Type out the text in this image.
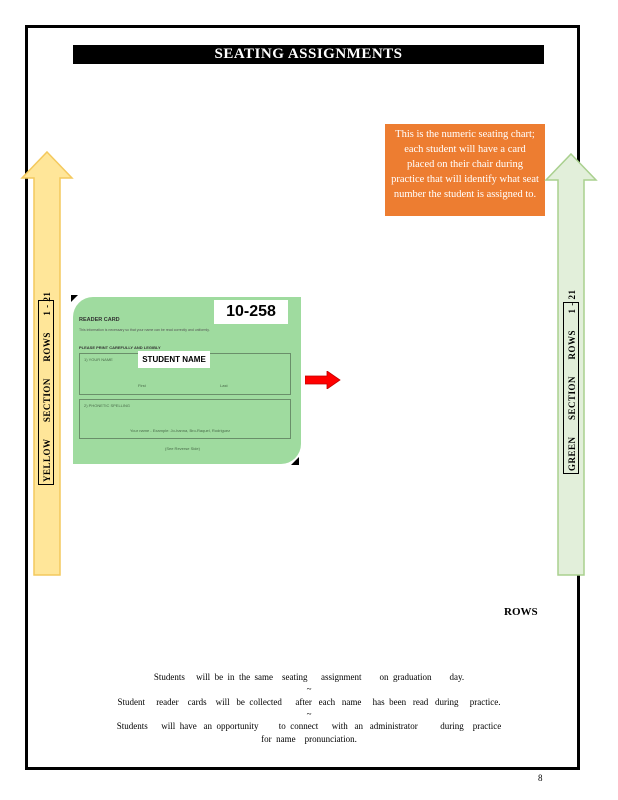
SEATING ASSIGNMENTS
This is the numeric seating chart; each student will have a card placed on their chair during practice that will identify what seat number the student is assigned to.
YELLOW      SECTION      ROWS      1 - 21	GREEN      SECTION      ROWS      1 - 21
READER CARD
This information is necessary so that your name can be read correctly and uniformly.
PLEASE PRINT CAREFULLY AND LEGIBLY
1) YOUR NAME
First	Last
2) PHONETIC SPELLING
Your name - Example: Jo-hanna, Bro-Raquel, Rodriguez
(See Reverse Side)
10-258
STUDENT NAME
ROWS
Students     will  be  in  the  same    seating      assignment        on  graduation        day.
~
Student     reader    cards    will   be  collected      after   each   name     has  been   read   during     practice.
~
Students      will  have   an  opportunity         to  connect      with   an   administrator          during    practice
for  name    pronunciation.
8
